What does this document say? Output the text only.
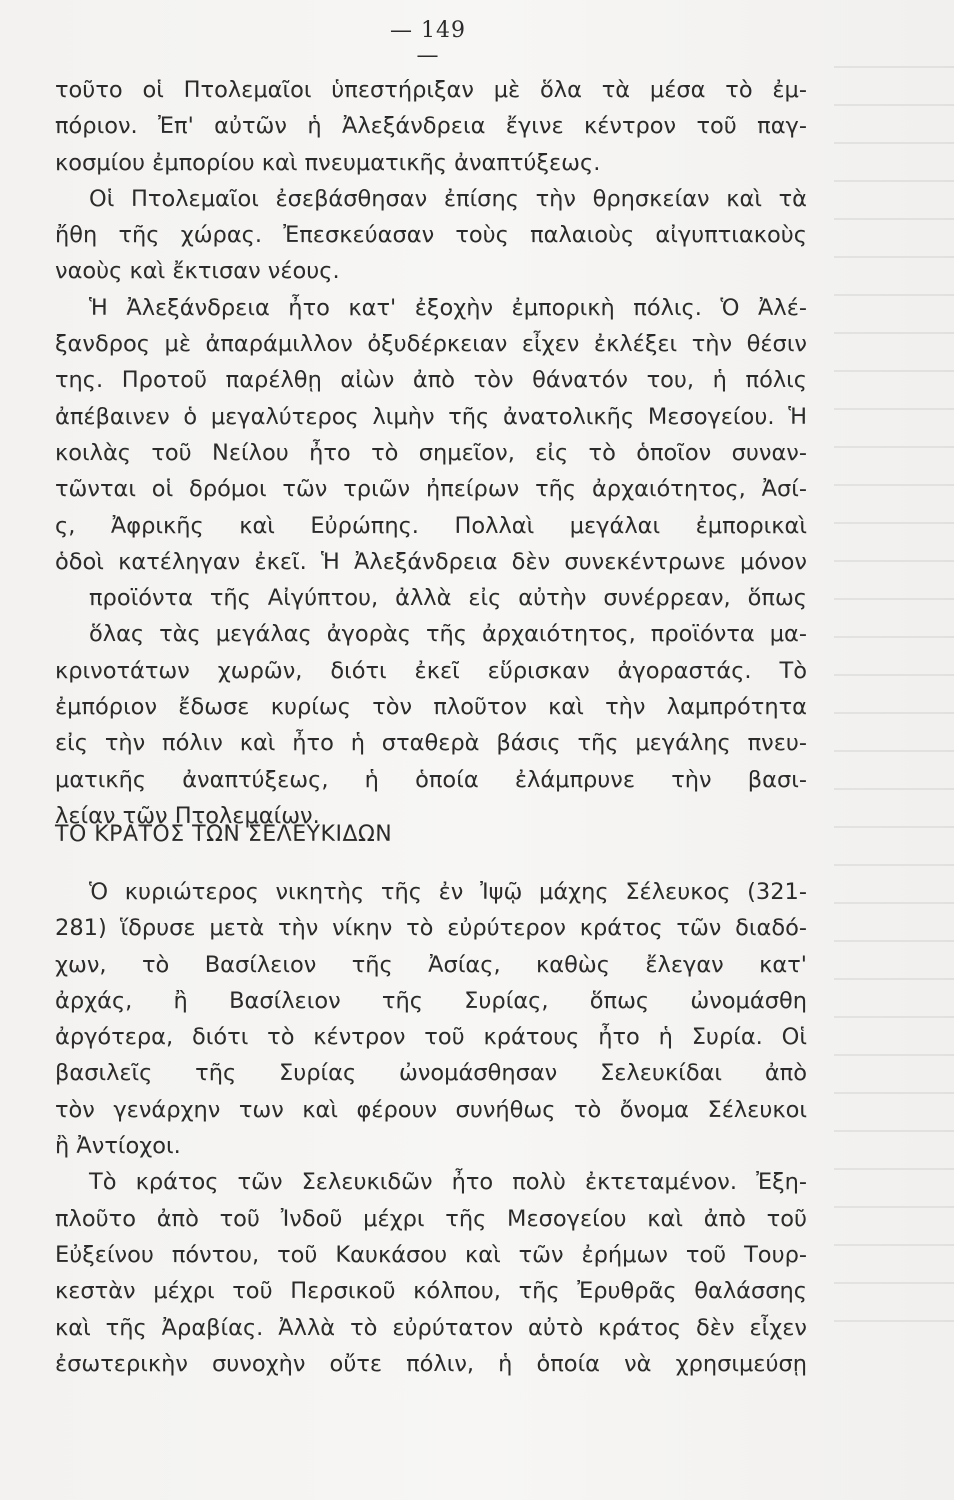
— 149 —
τοῦτο οἱ Πτολεμαῖοι ὑπεστήριξαν μὲ ὅλα τὰ μέσα τὸ ἐμ-
πόριον. Ἐπ' αὐτῶν ἡ Ἀλεξάνδρεια ἔγινε κέντρον τοῦ παγ-
κοσμίου ἐμπορίου καὶ πνευματικῆς ἀναπτύξεως.
Οἱ Πτολεμαῖοι ἐσεβάσθησαν ἐπίσης τὴν θρησκείαν καὶ τὰ
ἤθη τῆς χώρας. Ἐπεσκεύασαν τοὺς παλαιοὺς αἰγυπτιακοὺς
ναοὺς καὶ ἔκτισαν νέους.
Ἡ Ἀλεξάνδρεια ἦτο κατ' ἐξοχὴν ἐμπορικὴ πόλις. Ὁ Ἀλέ-
ξανδρος μὲ ἀπαράμιλλον ὀξυδέρκειαν εἶχεν ἐκλέξει τὴν θέσιν
της. Προτοῦ παρέλθῃ αἰὼν ἀπὸ τὸν θάνατόν του, ἡ πόλις
ἀπέβαινεν ὁ μεγαλύτερος λιμὴν τῆς ἀνατολικῆς Μεσογείου. Ἡ
κοιλὰς τοῦ Νείλου ἦτο τὸ σημεῖον, εἰς τὸ ὁποῖον συναν-
τῶνται οἱ δρόμοι τῶν τριῶν ἠπείρων τῆς ἀρχαιότητος, Ἀσί-
ς, Ἀφρικῆς καὶ Εὐρώπης. Πολλαὶ μεγάλαι ἐμπορικαὶ
ὁδοὶ κατέληγαν ἐκεῖ. Ἡ Ἀλεξάνδρεια δὲν συνεκέντρωνε μόνον
προϊόντα τῆς Αἰγύπτου, ἀλλὰ εἰς αὐτὴν συνέρρεαν, ὅπως
ὅλας τὰς μεγάλας ἀγορὰς τῆς ἀρχαιότητος, προϊόντα μα-
κρινοτάτων χωρῶν, διότι ἐκεῖ εὕρισκαν ἀγοραστάς. Τὸ
ἐμπόριον ἔδωσε κυρίως τὸν πλοῦτον καὶ τὴν λαμπρότητα
εἰς τὴν πόλιν καὶ ἦτο ἡ σταθερὰ βάσις τῆς μεγάλης πνευ-
ματικῆς ἀναπτύξεως, ἡ ὁποία ἐλάμπρυνε τὴν βασι-
λείαν τῶν Πτολεμαίων.
ΤΟ ΚΡΑΤΟΣ ΤΩΝ ΣΕΛΕΥΚΙΔΩΝ
Ὁ κυριώτερος νικητὴς τῆς ἐν Ἰψῷ μάχης Σέλευκος (321-
281) ἵδρυσε μετὰ τὴν νίκην τὸ εὐρύτερον κράτος τῶν διαδό-
χων, τὸ Βασίλειον τῆς Ἀσίας, καθὼς ἔλεγαν κατ'
ἀρχάς, ἢ Βασίλειον τῆς Συρίας, ὅπως ὠνομάσθη
ἀργότερα, διότι τὸ κέντρον τοῦ κράτους ἦτο ἡ Συρία. Οἱ
βασιλεῖς τῆς Συρίας ὠνομάσθησαν Σελευκίδαι ἀπὸ
τὸν γενάρχην των καὶ φέρουν συνήθως τὸ ὄνομα Σέλευκοι
ἢ Ἀντίοχοι.
Τὸ κράτος τῶν Σελευκιδῶν ἦτο πολὺ ἐκτεταμένον. Ἐξη-
πλοῦτο ἀπὸ τοῦ Ἰνδοῦ μέχρι τῆς Μεσογείου καὶ ἀπὸ τοῦ
Εὐξείνου πόντου, τοῦ Καυκάσου καὶ τῶν ἐρήμων τοῦ Τουρ-
κεστὰν μέχρι τοῦ Περσικοῦ κόλπου, τῆς Ἐρυθρᾶς θαλάσσης
καὶ τῆς Ἀραβίας. Ἀλλὰ τὸ εὐρύτατον αὐτὸ κράτος δὲν εἶχεν
ἐσωτερικὴν συνοχὴν οὔτε πόλιν, ἡ ὁποία νὰ χρησιμεύσῃ
